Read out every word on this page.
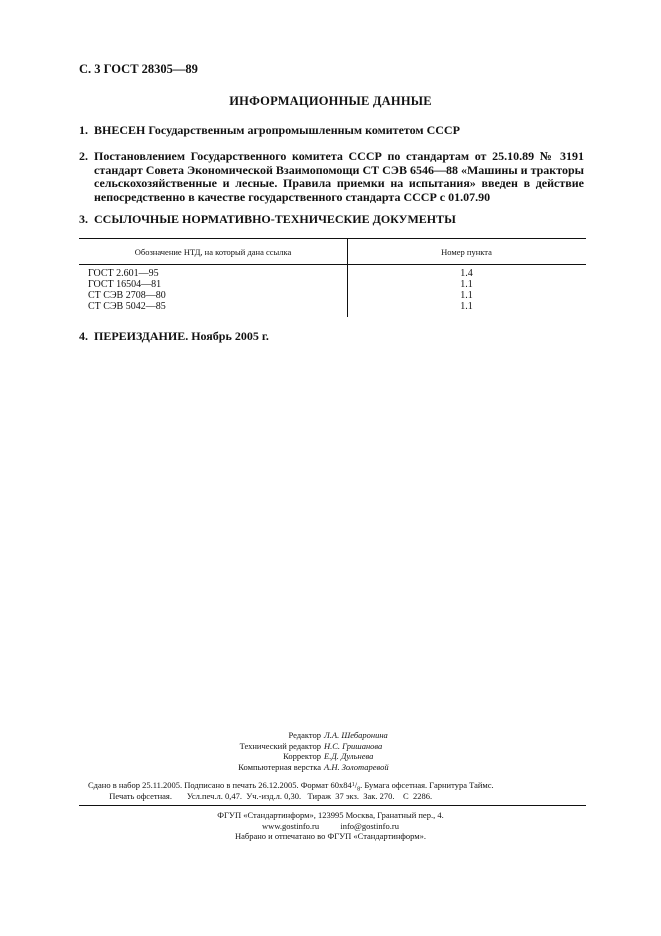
С. 3 ГОСТ 28305—89
ИНФОРМАЦИОННЫЕ ДАННЫЕ
1. ВНЕСЕН Государственным агропромышленным комитетом СССР
2. Постановлением Государственного комитета СССР по стандартам от 25.10.89 № 3191 стандарт Совета Экономической Взаимопомощи СТ СЭВ 6546—88 «Машины и тракторы сельскохозяйственные и лесные. Правила приемки на испытания» введен в действие непосредственно в качестве государственного стандарта СССР с 01.07.90
3. ССЫЛОЧНЫЕ НОРМАТИВНО-ТЕХНИЧЕСКИЕ ДОКУМЕНТЫ
Обозначение НТД, на который дана ссылка	Номер пункта
ГОСТ 2.601—95	1.4
ГОСТ 16504—81	1.1
СТ СЭВ 2708—80	1.1
СТ СЭВ 5042—85	1.1
4. ПЕРЕИЗДАНИЕ. Ноябрь 2005 г.
Редактор Л.А. Шебаронина
Технический редактор Н.С. Гришанова
Корректор Е.Д. Дульнева
Компьютерная верстка А.Н. Золотаревой
Сдано в набор 25.11.2005. Подписано в печать 26.12.2005. Формат $60x84^1/_8$. Бумага офсетная. Гарнитура Таймс.
Печать офсетная.       Усл.печ.л. 0,47.  Уч.-изд.л. 0,30.   Тираж  37 экз.  Зак. 270.    С  2286.
ФГУП «Стандартинформ», 123995 Москва, Гранатный пер., 4.
www.gostinfo.ru          info@gostinfo.ru
Набрано и отпечатано во ФГУП «Стандартинформ».
